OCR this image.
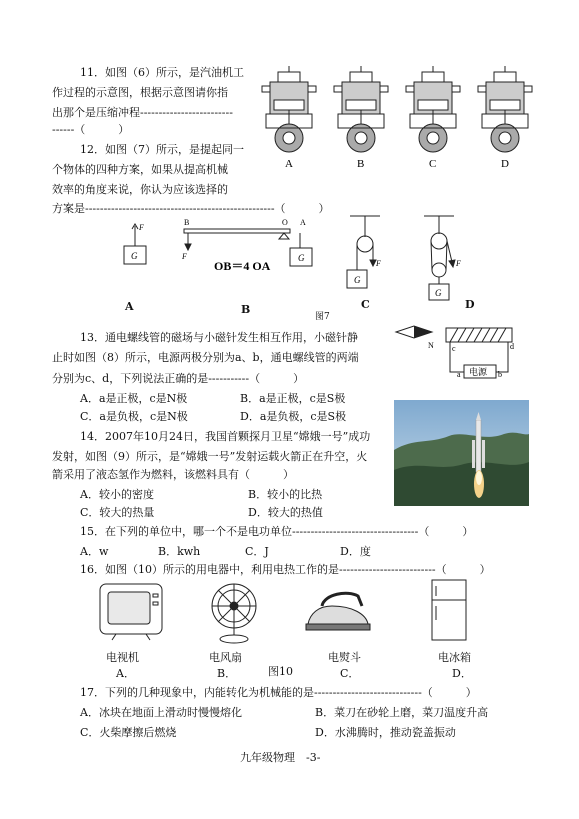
11．如图（6）所示，是汽油机工
作过程的示意图，根据示意图请你指
出那个是压缩冲程-------------------------
------（　　　）
A	B	C	D
12．如图（7）所示，是提起同一
个物体的四种方案，如果从提高机械
效率的角度来说，你认为应该选择的
方案是---------------------------------------------------（　　　）
F
G
B	O A
F	G
OB＝4 OA	F
G
F
G
A	B	C	D
图7
13．通电螺线管的磁场与小磁针发生相互作用，小磁针静
止时如图（8）所示，电源两极分别为a、b，通电螺线管的两端
分别为c、d，下列说法正确的是-----------（　　　）
A．a是正极，c是N极	B．a是正极，c是S极
C．a是负极，c是N极	D．a是负极，c是S极
N
电源
c	d
a	b
14．2007年10月24日，我国首颗探月卫星“嫦娥一号”成功
发射，如图（9）所示，是“嫦娥一号”发射运载火箭正在升空，火
箭采用了液态氢作为燃料，该燃料具有（　　　）
A．较小的密度	B．较小的比热
C．较大的热量	D．较大的热值
15．在下列的单位中，哪一个不是电功单位----------------------------------（　　　）
A．w	B．kwh	C．J	D．度
16．如图（10）所示的用电器中，利用电热工作的是--------------------------（　　　）
电视机	电风扇	电熨斗	电冰箱
A．	B．	图10	C．	D．
17．下列的几种现象中，内能转化为机械能的是-----------------------------（　　　）
A．冰块在地面上滑动时慢慢熔化	B．菜刀在砂轮上磨，菜刀温度升高
C．火柴摩擦后燃烧	D．水沸腾时，推动瓷盖振动
九年级物理　-3-
